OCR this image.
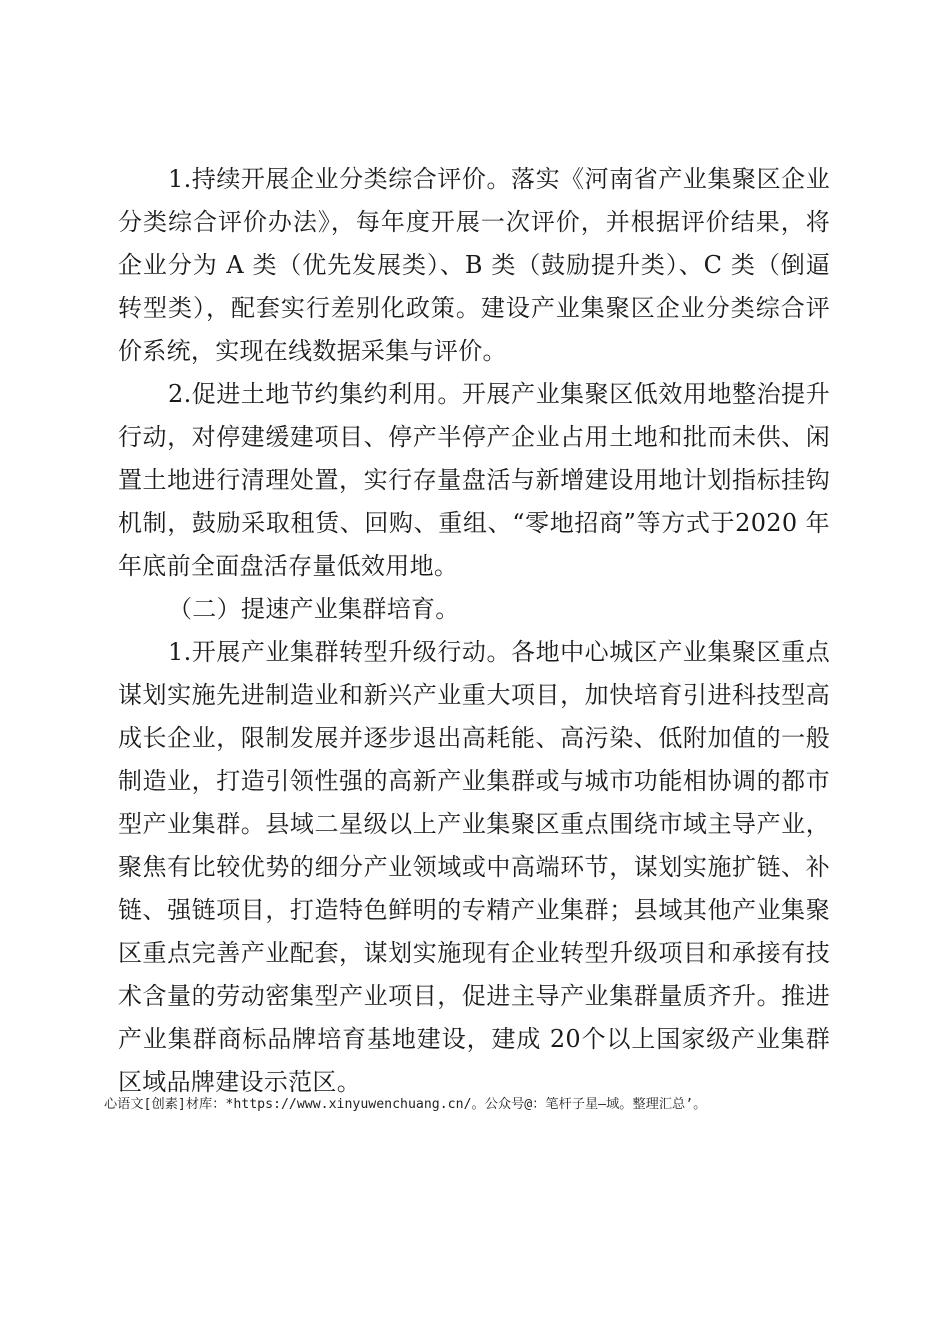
1.持续开展企业分类综合评价。落实《河南省产业集聚区企业分类综合评价办法》，每年度开展一次评价，并根据评价结果，将企业分为 A 类（优先发展类）、B 类（鼓励提升类）、C 类（倒逼转型类），配套实行差别化政策。建设产业集聚区企业分类综合评价系统，实现在线数据采集与评价。

2.促进土地节约集约利用。开展产业集聚区低效用地整治提升行动，对停建缓建项目、停产半停产企业占用土地和批而未供、闲置土地进行清理处置，实行存量盘活与新增建设用地计划指标挂钩机制，鼓励采取租赁、回购、重组、“零地招商”等方式于2020 年年底前全面盘活存量低效用地。

（二）提速产业集群培育。

1.开展产业集群转型升级行动。各地中心城区产业集聚区重点谋划实施先进制造业和新兴产业重大项目，加快培育引进科技型高成长企业，限制发展并逐步退出高耗能、高污染、低附加值的一般制造业，打造引领性强的高新产业集群或与城市功能相协调的都市型产业集群。县域二星级以上产业集聚区重点围绕市域主导产业，聚焦有比较优势的细分产业领域或中高端环节，谋划实施扩链、补链、强链项目，打造特色鲜明的专精产业集群；县域其他产业集聚区重点完善产业配套，谋划实施现有企业转型升级项目和承接有技术含量的劳动密集型产业项目，促进主导产业集群量质齐升。推进产业集群商标品牌培育基地建设，建成 20个以上国家级产业集群区域品牌建设示范区。

心语文[创素]材库：*https://www.xinyuwenchuang.cn/。公众号@：笔杆子星—域。整理汇总’。
